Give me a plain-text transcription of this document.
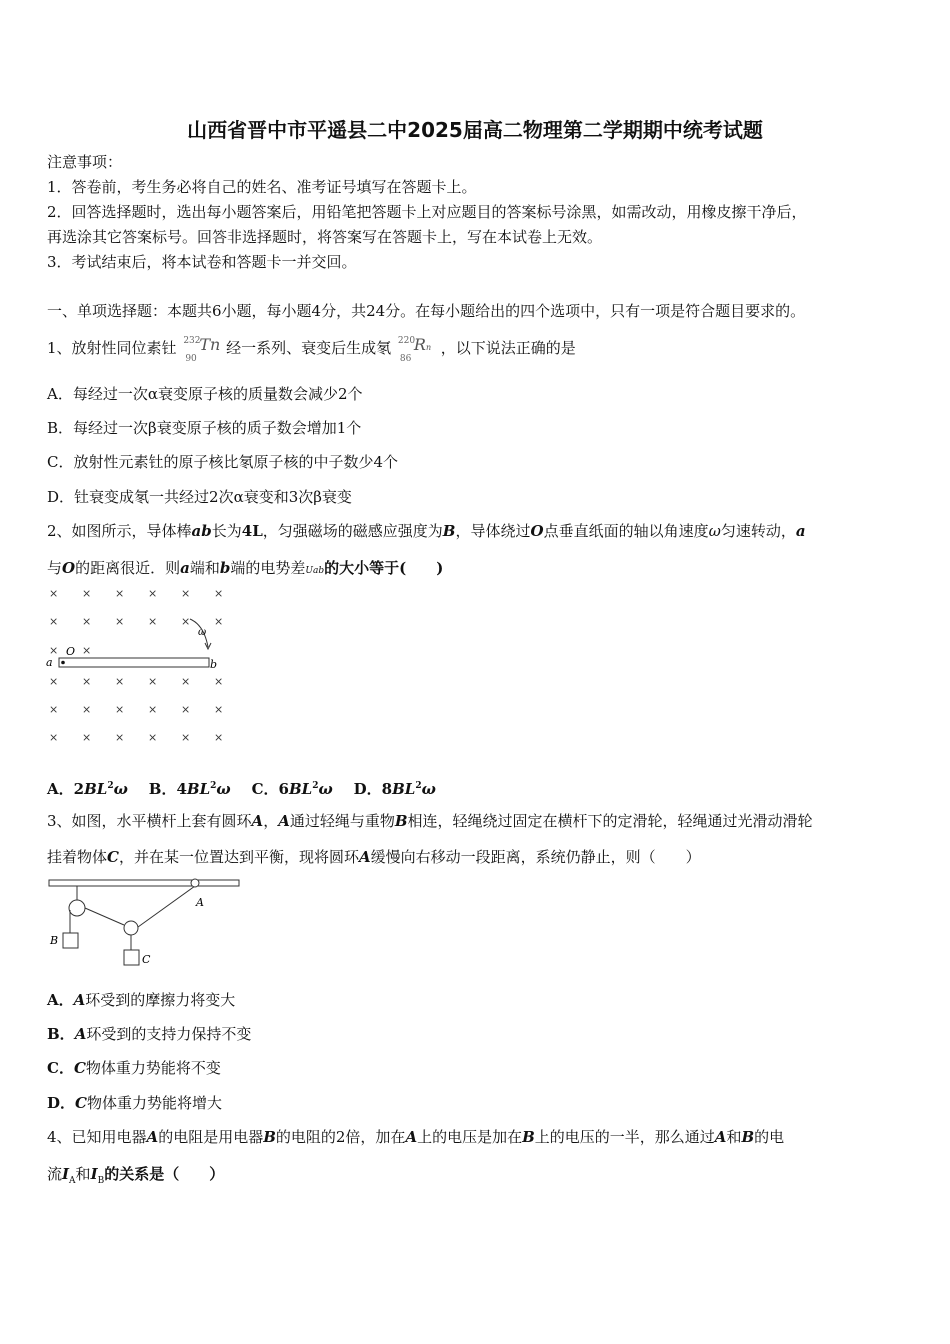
山西省晋中市平遥县二中2025届高二物理第二学期期中统考试题
注意事项：
1．答卷前，考生务必将自己的姓名、准考证号填写在答题卡上。
2．回答选择题时，选出每小题答案后，用铅笔把答题卡上对应题目的答案标号涂黑，如需改动，用橡皮擦干净后，
再选涂其它答案标号。回答非选择题时，将答案写在答题卡上，写在本试卷上无效。
3．考试结束后，将本试卷和答题卡一并交回。
一、单项选择题：本题共6小题，每小题4分，共24分。在每小题给出的四个选项中，只有一项是符合题目要求的。
1、放射性同位素钍 232
90
Tn 经一系列、衰变后生成氡 220
86
Rn ，以下说法正确的是
A．每经过一次α衰变原子核的质量数会减少2个
B．每经过一次β衰变原子核的质子数会增加1个
C．放射性元素钍的原子核比氡原子核的中子数少4个
D．钍衰变成氡一共经过2次α衰变和3次β衰变
2、如图所示，导体棒ab长为4L，匀强磁场的磁感应强度为B，导体绕过O点垂直纸面的轴以角速度ω匀速转动，a
与O的距离很近．则a端和b端的电势差Uab的大小等于(　　)
× × × × × ×
× × × × × ×
× ×
× × × × × ×
× × × × × ×
× × × × × ×
O
a	b
ω
A．$2BL^2\omega$ B．$4BL^2\omega$ C．$6BL^2\omega$ D．$8BL^2\omega$
3、如图，水平横杆上套有圆环A，A通过轻绳与重物B相连，轻绳绕过固定在横杆下的定滑轮，轻绳通过光滑动滑轮
挂着物体C，并在某一位置达到平衡，现将圆环A缓慢向右移动一段距离，系统仍静止，则（　　）
A
B
C
A．A环受到的摩擦力将变大
B．A环受到的支持力保持不变
C．C物体重力势能将不变
D．C物体重力势能将增大
4、已知用电器A的电阻是用电器B的电阻的2倍，加在A上的电压是加在B上的电压的一半，那么通过A和B的电
流$I_A$和$I_B$的关系是（　　）
